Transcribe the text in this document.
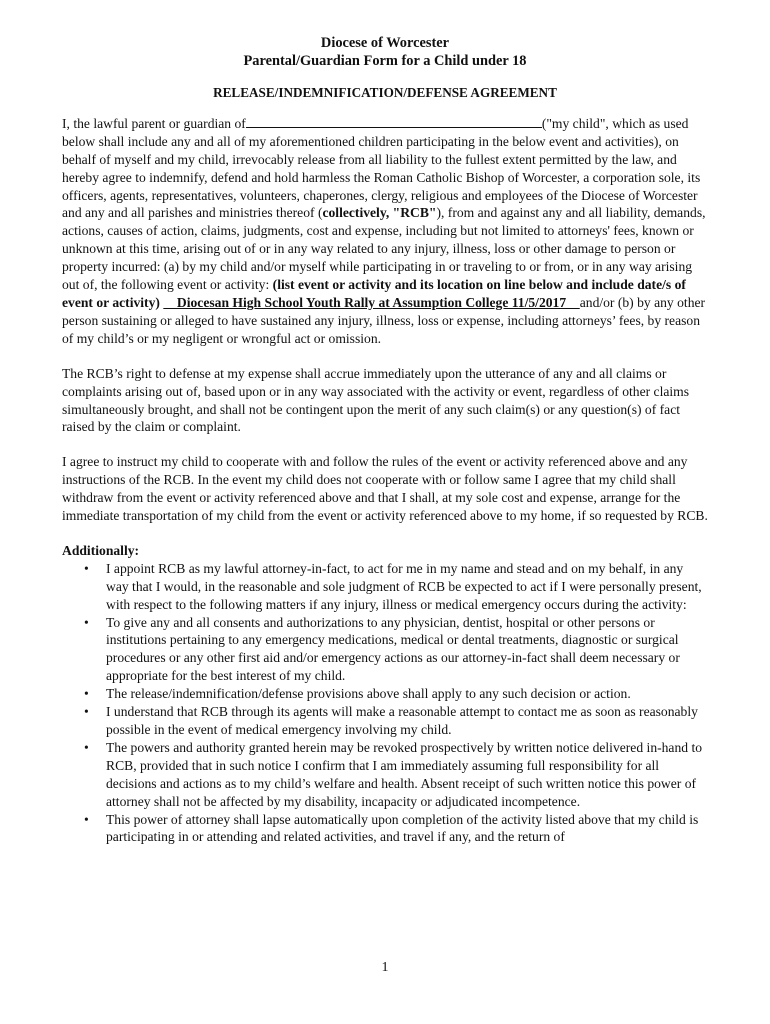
Diocese of Worcester
Parental/Guardian Form for a Child under 18
RELEASE/INDEMNIFICATION/DEFENSE AGREEMENT

I, the lawful parent or guardian of	("my child", which as used below shall include any and all of my aforementioned children participating in the below event and activities), on behalf of myself and my child, irrevocably release from all liability to the fullest extent permitted by the law, and hereby agree to indemnify, defend and hold harmless the Roman Catholic Bishop of Worcester, a corporation sole, its officers, agents, representatives, volunteers, chaperones, clergy, religious and employees of the Diocese of Worcester and any and all parishes and ministries thereof (collectively, "RCB"), from and against any and all liability, demands, actions, causes of action, claims, judgments, cost and expense, including but not limited to attorneys' fees, known or unknown at this time, arising out of or in any way related to any injury, illness, loss or other damage to person or property incurred: (a) by my child and/or myself while participating in or traveling to or from, or in any way arising out of, the following event or activity: (list event or activity and its location on line below and include date/s of event or activity)     Diocesan High School Youth Rally at Assumption College 11/5/2017    and/or (b) by any other person sustaining or alleged to have sustained any injury, illness, loss or expense, including attorneys’ fees, by reason of my child’s or my negligent or wrongful act or omission.

The RCB’s right to defense at my expense shall accrue immediately upon the utterance of any and all claims or complaints arising out of, based upon or in any way associated with the activity or event, regardless of other claims simultaneously brought, and shall not be contingent upon the merit of any such claim(s) or any question(s) of fact raised by the claim or complaint.

I agree to instruct my child to cooperate with and follow the rules of the event or activity referenced above and any instructions of the RCB. In the event my child does not cooperate with or follow same I agree that my child shall withdraw from the event or activity referenced above and that I shall, at my sole cost and expense, arrange for the immediate transportation of my child from the event or activity referenced above to my home, if so requested by RCB.

Additionally:
• I appoint RCB as my lawful attorney-in-fact, to act for me in my name and stead and on my behalf, in any way that I would, in the reasonable and sole judgment of RCB be expected to act if I were personally present, with respect to the following matters if any injury, illness or medical emergency occurs during the activity:
• To give any and all consents and authorizations to any physician, dentist, hospital or other persons or institutions pertaining to any emergency medications, medical or dental treatments, diagnostic or surgical procedures or any other first aid and/or emergency actions as our attorney-in-fact shall deem necessary or appropriate for the best interest of my child.
• The release/indemnification/defense provisions above shall apply to any such decision or action.
• I understand that RCB through its agents will make a reasonable attempt to contact me as soon as reasonably possible in the event of medical emergency involving my child.
• The powers and authority granted herein may be revoked prospectively by written notice delivered in-hand to RCB, provided that in such notice I confirm that I am immediately assuming full responsibility for all decisions and actions as to my child’s welfare and health. Absent receipt of such written notice this power of attorney shall not be affected by my disability, incapacity or adjudicated incompetence.
• This power of attorney shall lapse automatically upon completion of the activity listed above that my child is participating in or attending and related activities, and travel if any, and the return of
1
